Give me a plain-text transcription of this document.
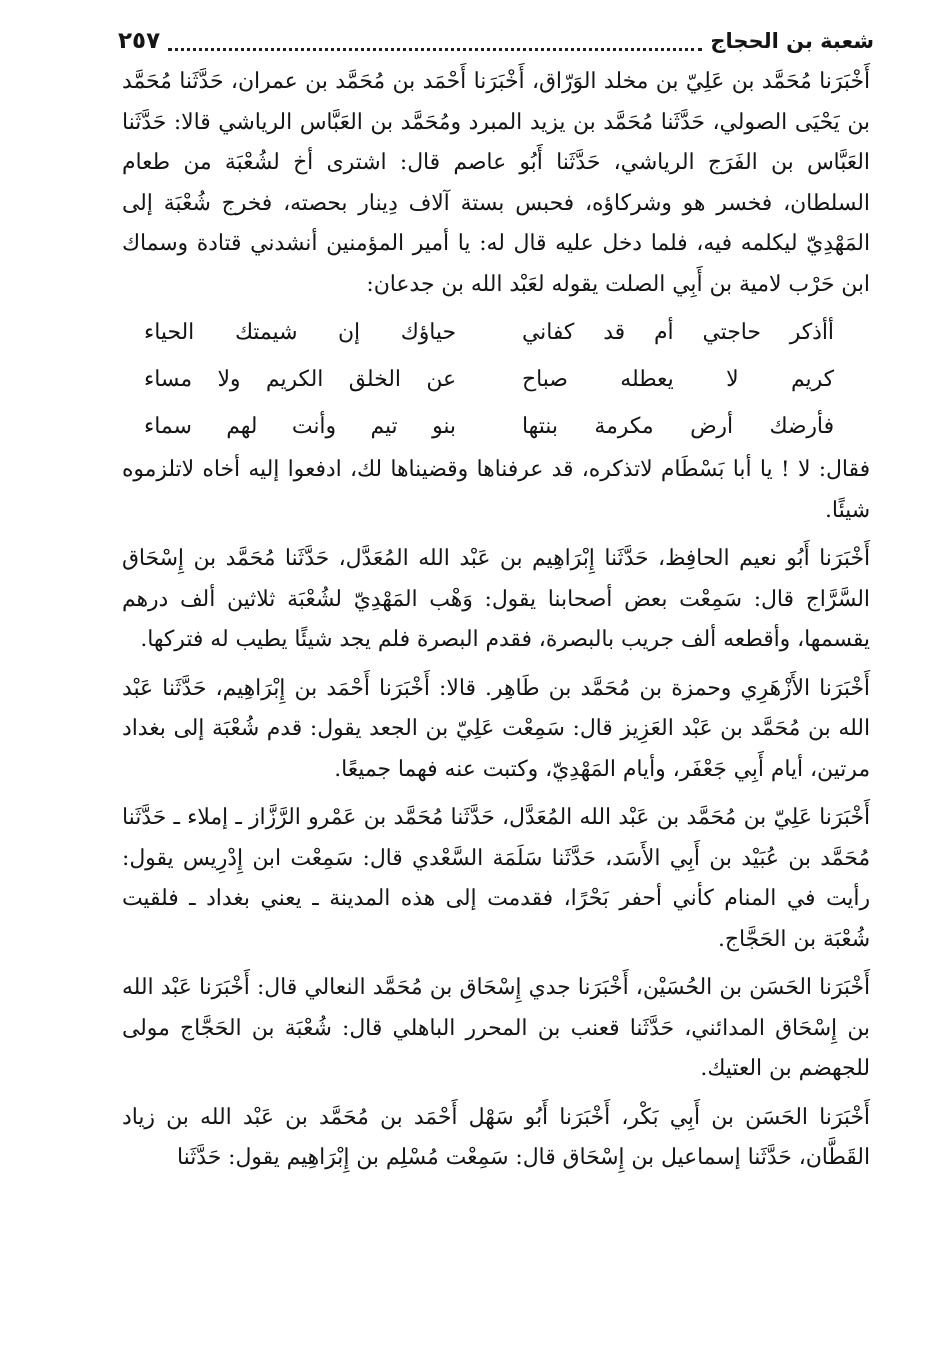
شعبة بن الحجاج
٢٥٧

أَخْبَرَنا مُحَمَّد بن عَلِيّ بن مخلد الوَرّاق، أَخْبَرَنا أَحْمَد بن مُحَمَّد بن عمران، حَدَّثَنا مُحَمَّد بن يَحْيَى الصولي، حَدَّثَنا مُحَمَّد بن يزيد المبرد ومُحَمَّد بن العَبَّاس الرياشي قالا: حَدَّثَنا العَبَّاس بن الفَرَج الرياشي، حَدَّثَنا أَبُو عاصم قال: اشترى أخ لشُعْبَة من طعام السلطان، فخسر هو وشركاؤه، فحبس بستة آلاف دِينار بحصته، فخرج شُعْبَة إلى المَهْدِيّ ليكلمه فيه، فلما دخل عليه قال له: يا أمير المؤمنين أنشدني قتادة وسماك ابن حَرْب لامية بن أَبِي الصلت يقوله لعَبْد الله بن جدعان:

أأذكر حاجتي أم قد كفاني
حياؤك إن شيمتك الحياء
كريم لا يعطله صباح
عن الخلق الكريم ولا مساء
فأرضك أرض مكرمة بنتها
بنو تيم وأنت لهم سماء

فقال: لا ! يا أبا بَسْطَام لاتذكره، قد عرفناها وقضيناها لك، ادفعوا إليه أخاه لاتلزموه شيئًا.

أَخْبَرَنا أَبُو نعيم الحافِظ، حَدَّثَنا إِبْرَاهِيم بن عَبْد الله المُعَدَّل، حَدَّثَنا مُحَمَّد بن إِسْحَاق السَّرَّاج قال: سَمِعْت بعض أصحابنا يقول: وَهْب المَهْدِيّ لشُعْبَة ثلاثين ألف درهم يقسمها، وأقطعه ألف جريب بالبصرة، فقدم البصرة فلم يجد شيئًا يطيب له فتركها.

أَخْبَرَنا الأَزْهَرِي وحمزة بن مُحَمَّد بن طَاهِر. قالا: أَخْبَرَنا أَحْمَد بن إِبْرَاهِيم، حَدَّثَنا عَبْد الله بن مُحَمَّد بن عَبْد العَزِيز قال: سَمِعْت عَلِيّ بن الجعد يقول: قدم شُعْبَة إلى بغداد مرتين، أيام أَبِي جَعْفَر، وأيام المَهْدِيّ، وكتبت عنه فهما جميعًا.

أَخْبَرَنا عَلِيّ بن مُحَمَّد بن عَبْد الله المُعَدَّل، حَدَّثَنا مُحَمَّد بن عَمْرو الرَّزَّاز ـ إملاء ـ حَدَّثَنا مُحَمَّد بن عُبَيْد بن أَبِي الأَسَد، حَدَّثَنا سَلَمَة السَّعْدي قال: سَمِعْت ابن إِدْرِيس يقول: رأيت في المنام كأني أحفر بَحْرًا، فقدمت إلى هذه المدينة ـ يعني بغداد ـ فلقيت شُعْبَة بن الحَجَّاج.

أَخْبَرَنا الحَسَن بن الحُسَيْن، أَخْبَرَنا جدي إِسْحَاق بن مُحَمَّد النعالي قال: أَخْبَرَنا عَبْد الله بن إِسْحَاق المدائني، حَدَّثَنا قعنب بن المحرر الباهلي قال: شُعْبَة بن الحَجَّاج مولى للجهضم بن العتيك.

أَخْبَرَنا الحَسَن بن أَبِي بَكْر، أَخْبَرَنا أَبُو سَهْل أَحْمَد بن مُحَمَّد بن عَبْد الله بن زياد القَطَّان، حَدَّثَنا إسماعيل بن إِسْحَاق قال: سَمِعْت مُسْلِم بن إِبْرَاهِيم يقول: حَدَّثَنا
